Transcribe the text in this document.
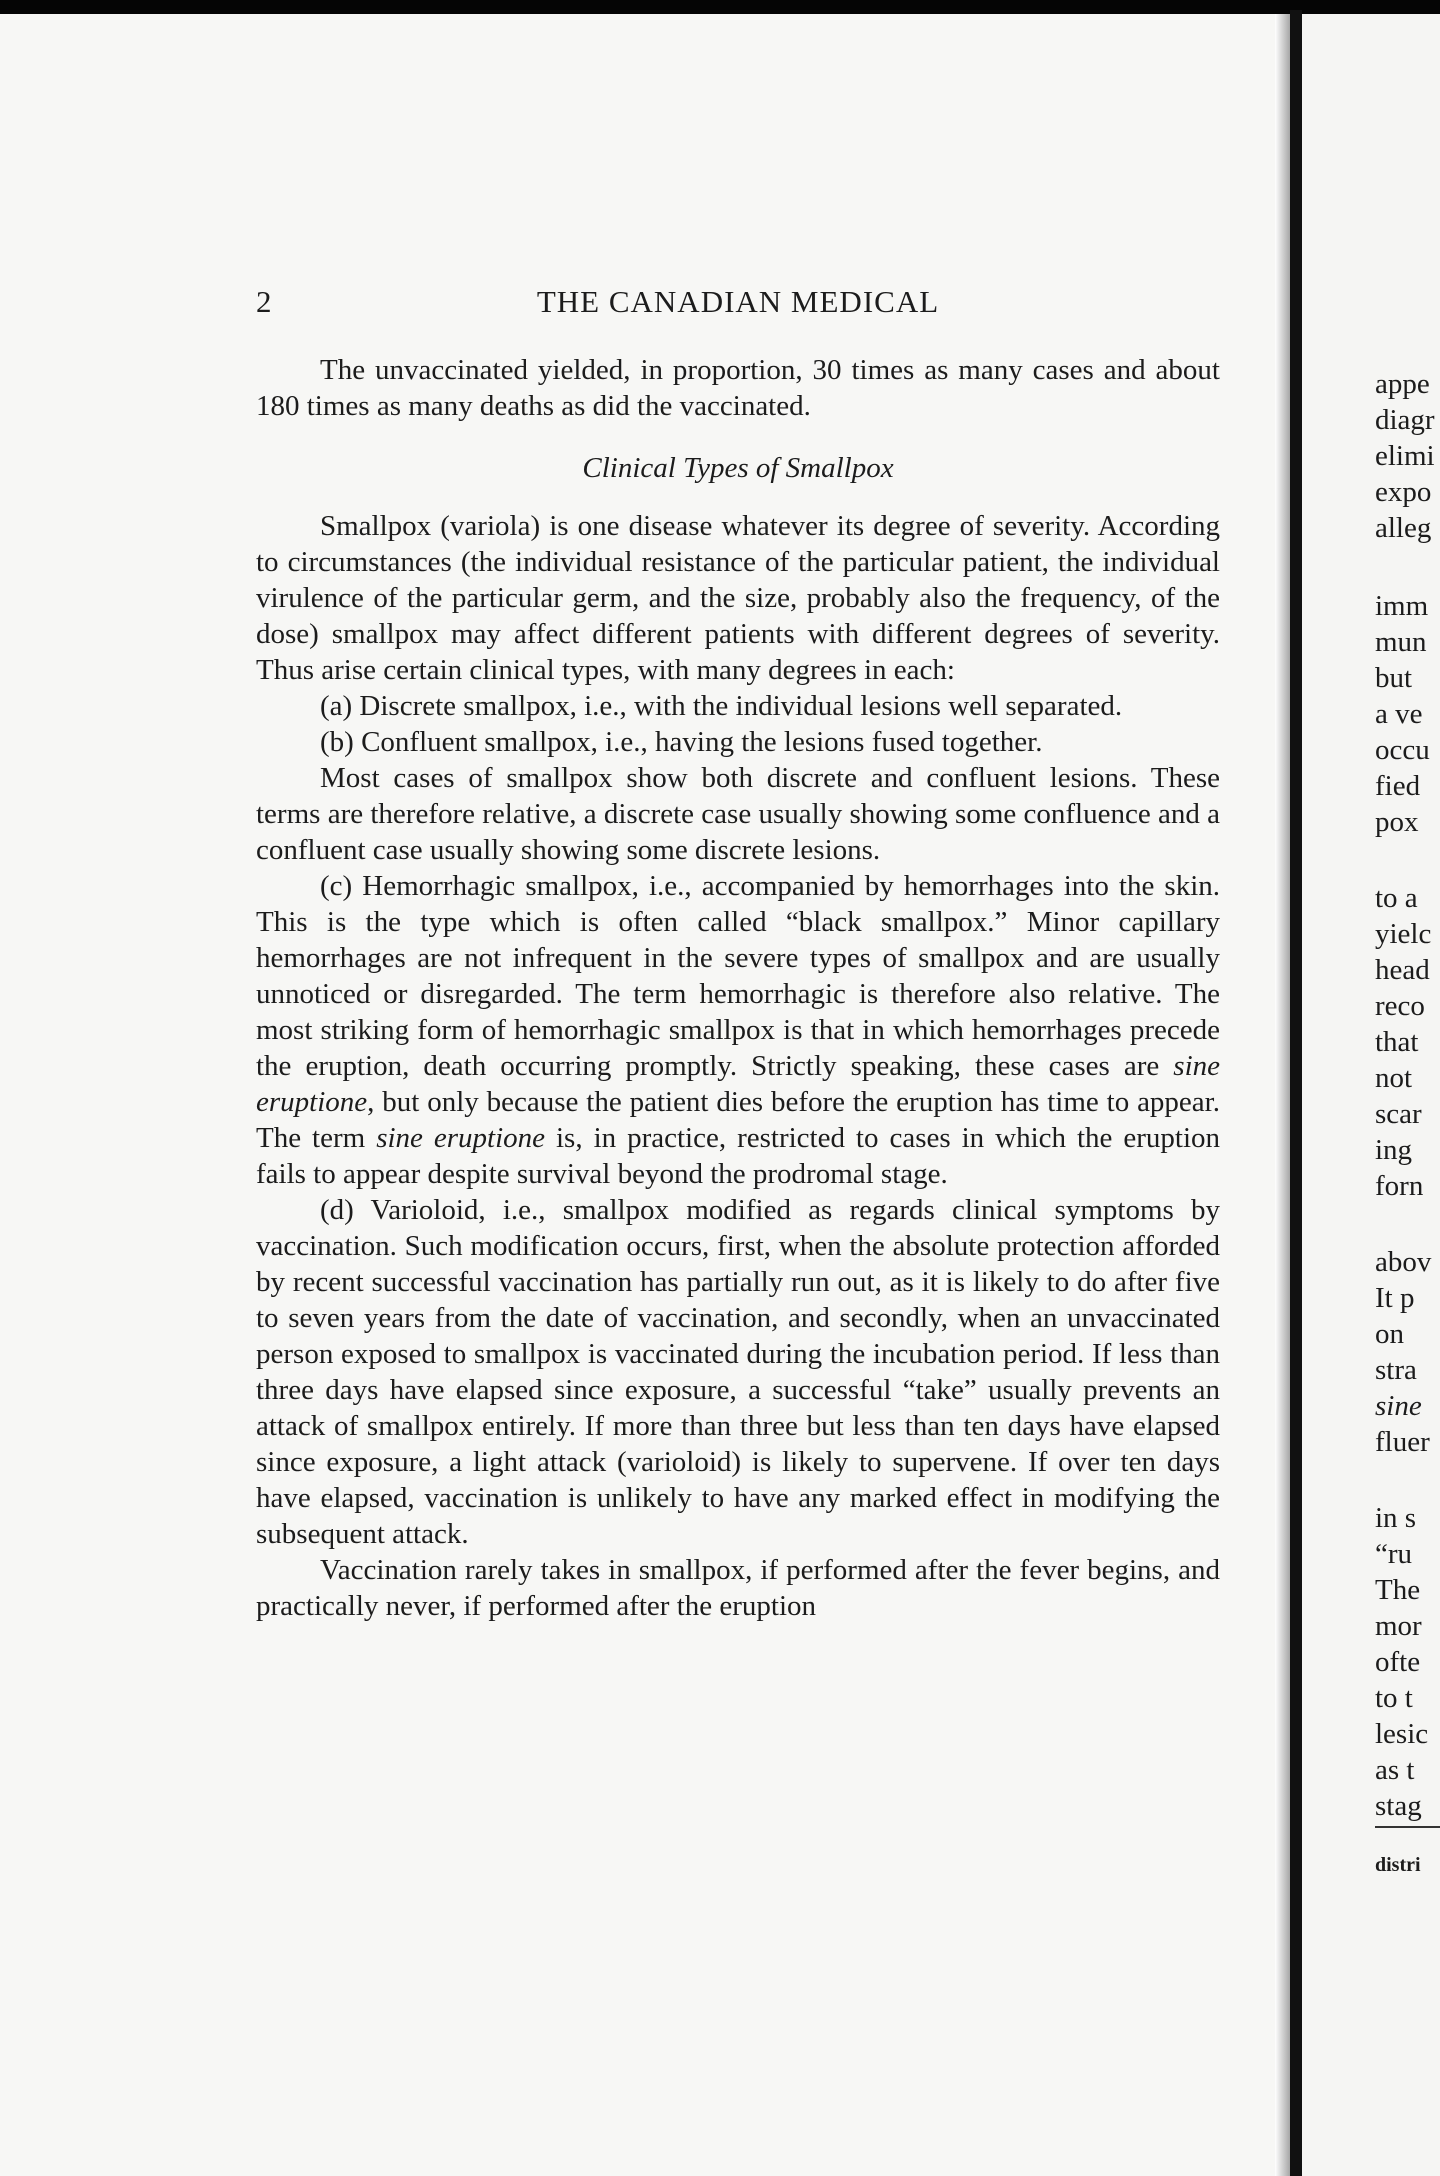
2	THE CANADIAN MEDICAL

The unvaccinated yielded, in proportion, 30 times as many cases and about 180 times as many deaths as did the vaccinated.

Clinical Types of Smallpox

Smallpox (variola) is one disease whatever its degree of severity. According to circumstances (the individual resistance of the particular patient, the individual virulence of the particular germ, and the size, probably also the frequency, of the dose) smallpox may affect different patients with different degrees of severity. Thus arise certain clinical types, with many degrees in each:

(a) Discrete smallpox, i.e., with the individual lesions well separated.

(b) Confluent smallpox, i.e., having the lesions fused together.

Most cases of smallpox show both discrete and confluent lesions. These terms are therefore relative, a discrete case usually showing some confluence and a confluent case usually showing some discrete lesions.

(c) Hemorrhagic smallpox, i.e., accompanied by hemorrhages into the skin. This is the type which is often called “black smallpox.” Minor capillary hemorrhages are not infrequent in the severe types of smallpox and are usually unnoticed or disregarded. The term hemorrhagic is therefore also relative. The most striking form of hemorrhagic smallpox is that in which hemorrhages precede the eruption, death occurring promptly. Strictly speaking, these cases are sine eruptione, but only because the patient dies before the eruption has time to appear. The term sine eruptione is, in practice, restricted to cases in which the eruption fails to appear despite survival beyond the prodromal stage.

(d) Varioloid, i.e., smallpox modified as regards clinical symptoms by vaccination. Such modification occurs, first, when the absolute protection afforded by recent successful vaccination has partially run out, as it is likely to do after five to seven years from the date of vaccination, and secondly, when an unvaccinated person exposed to smallpox is vaccinated during the incubation period. If less than three days have elapsed since exposure, a successful “take” usually prevents an attack of smallpox entirely. If more than three but less than ten days have elapsed since exposure, a light attack (varioloid) is likely to supervene. If over ten days have elapsed, vaccination is unlikely to have any marked effect in modifying the subsequent attack.

Vaccination rarely takes in smallpox, if performed after the fever begins, and practically never, if performed after the eruption

appe
diagr
elimi
expo
alleg
imm
mun
but
a ve
occu
fied
pox
to a
yielc
head
reco
that
not
scar
ing
forn
abov
It p
on
stra
sine
fluer
in s
“ru
The
mor
ofte
to t
lesic
as t
stag
distri
